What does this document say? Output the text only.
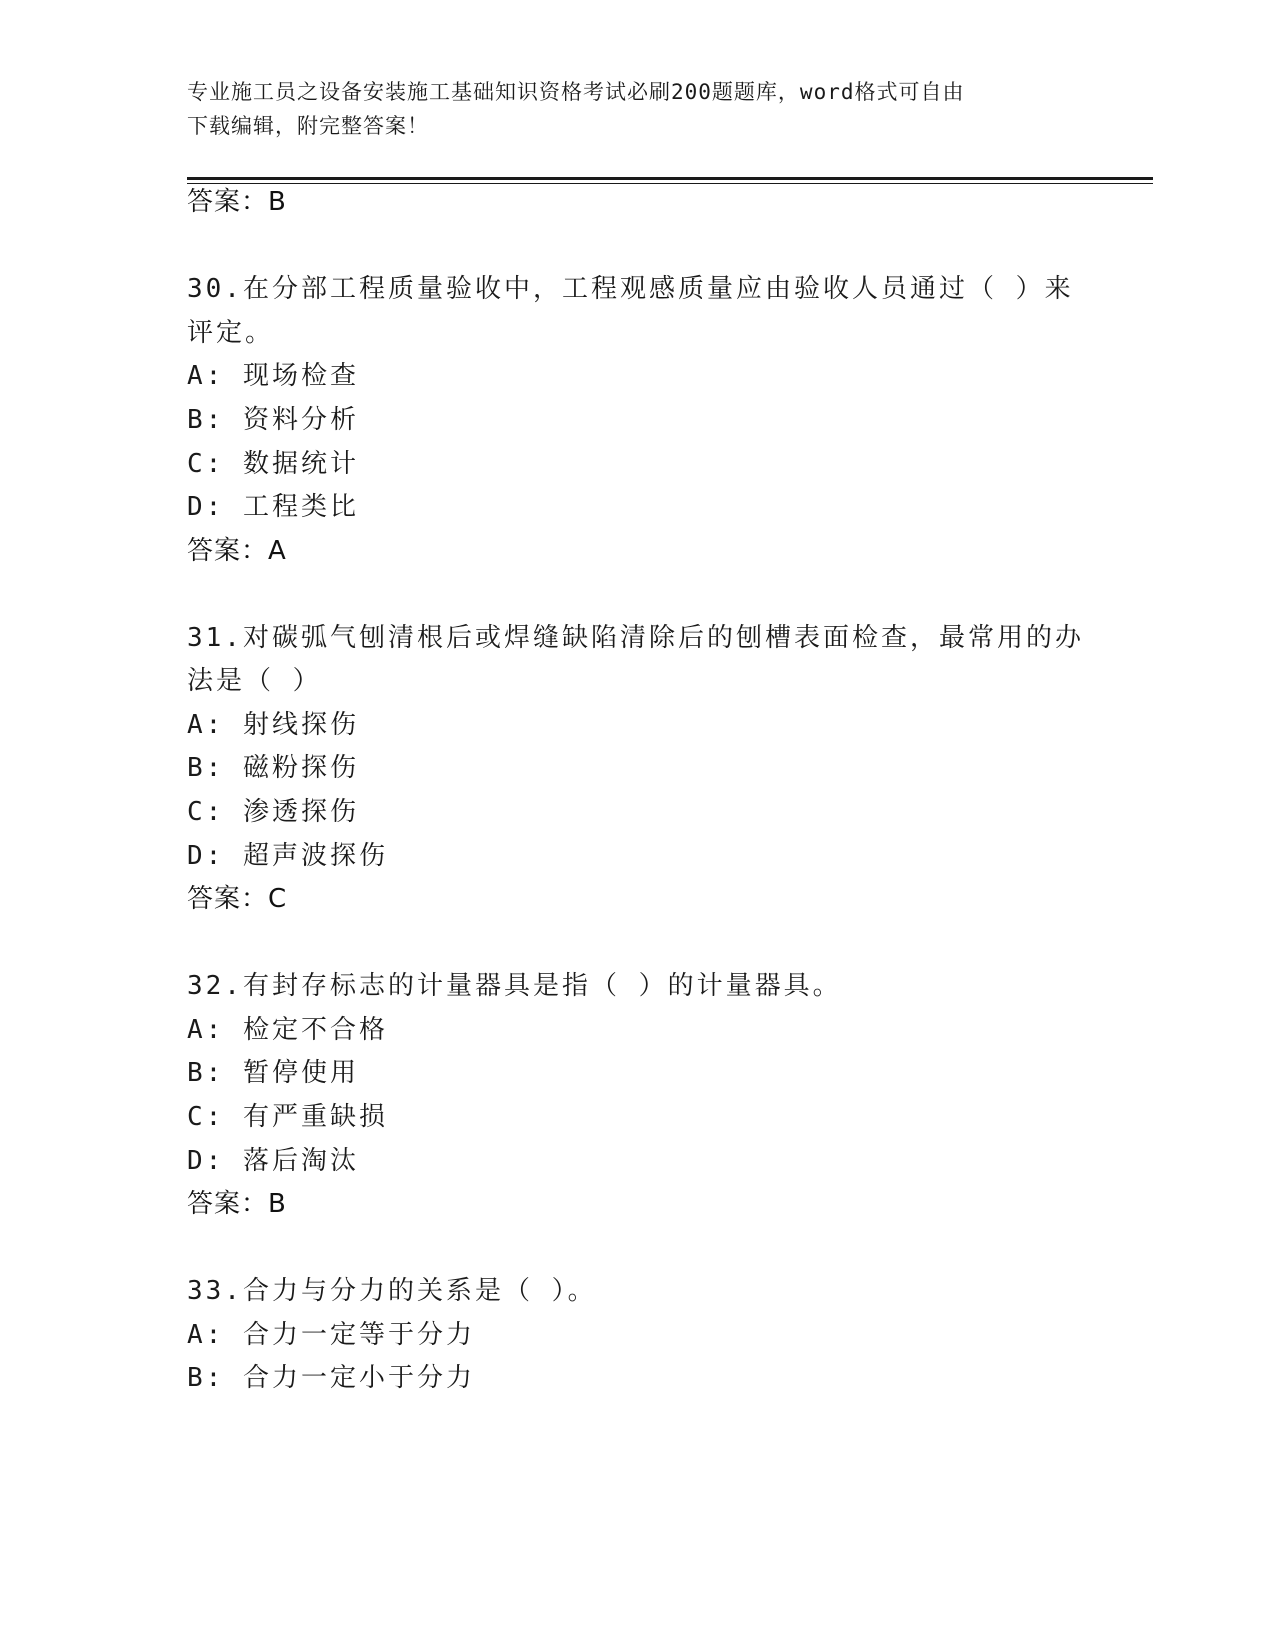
专业施工员之设备安装施工基础知识资格考试必刷200题题库，word格式可自由
下载编辑，附完整答案！
答案：B
30.在分部工程质量验收中，工程观感质量应由验收人员通过（ ）来
评定。
A: 现场检查
B: 资料分析
C: 数据统计
D: 工程类比
答案：A
31.对碳弧气刨清根后或焊缝缺陷清除后的刨槽表面检查，最常用的办
法是（ ）
A: 射线探伤
B: 磁粉探伤
C: 渗透探伤
D: 超声波探伤
答案：C
32.有封存标志的计量器具是指（ ）的计量器具。
A: 检定不合格
B: 暂停使用
C: 有严重缺损
D: 落后淘汰
答案：B
33.合力与分力的关系是（ ）。
A: 合力一定等于分力
B: 合力一定小于分力
